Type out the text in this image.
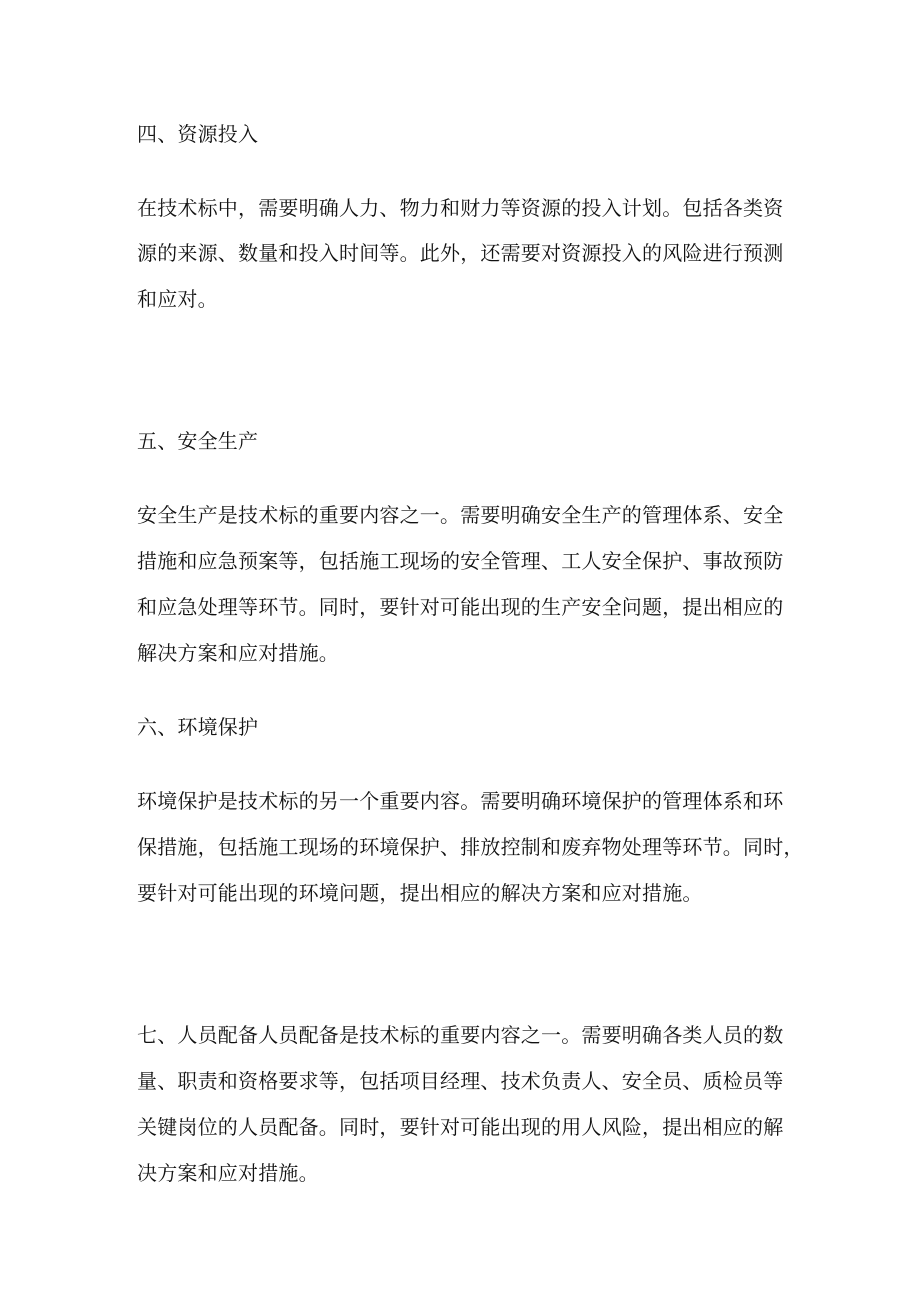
四、资源投入
在技术标中，需要明确人力、物力和财力等资源的投入计划。包括各类资
源的来源、数量和投入时间等。此外，还需要对资源投入的风险进行预测
和应对。
五、安全生产
安全生产是技术标的重要内容之一。需要明确安全生产的管理体系、安全
措施和应急预案等，包括施工现场的安全管理、工人安全保护、事故预防
和应急处理等环节。同时，要针对可能出现的生产安全问题，提出相应的
解决方案和应对措施。
六、环境保护
环境保护是技术标的另一个重要内容。需要明确环境保护的管理体系和环
保措施，包括施工现场的环境保护、排放控制和废弃物处理等环节。同时，
要针对可能出现的环境问题，提出相应的解决方案和应对措施。
七、人员配备人员配备是技术标的重要内容之一。需要明确各类人员的数
量、职责和资格要求等，包括项目经理、技术负责人、安全员、质检员等
关键岗位的人员配备。同时，要针对可能出现的用人风险，提出相应的解
决方案和应对措施。
